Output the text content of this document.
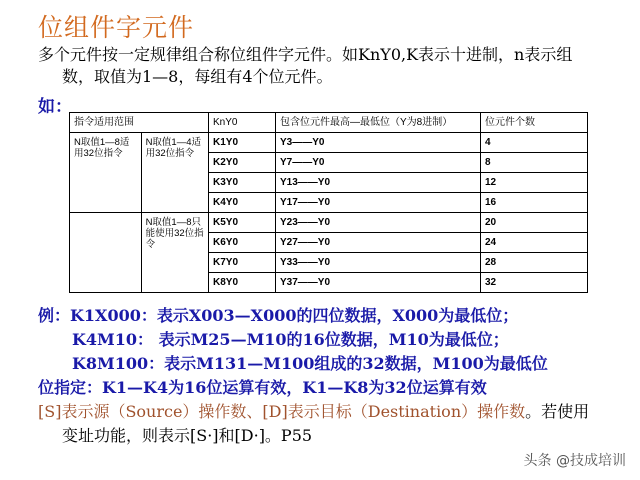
位组件字元件
多个元件按一定规律组合称位组件字元件。如KnY0,K表示十进制，n表示组
数，取值为1—8，每组有4个位元件。
如：
指令适用范围		KnY0	包含位元件最高—最低位（Y为8进制）	位元件个数
N取值1—8适用32位指令	N取值1—4适用32位指令	K1Y0	Y3——Y0	4
		K2Y0	Y7——Y0	8
		K3Y0	Y13——Y0	12
		K4Y0	Y17——Y0	16
	N取值1—8只能使用32位指令	K5Y0	Y23——Y0	20
		K6Y0	Y27——Y0	24
		K7Y0	Y33——Y0	28
		K8Y0	Y37——Y0	32
例：K1X000：表示X003—X000的四位数据，X000为最低位；
K4M10： 表示M25—M10的16位数据，M10为最低位；
K8M100：表示M131—M100组成的32数据，M100为最低位
位指定：K1—K4为16位运算有效，K1—K8为32位运算有效
[S]表示源（Source）操作数、[D]表示目标（Destination）操作数。若使用
变址功能，则表示[S·]和[D·]。P55
头条 @技成培训
